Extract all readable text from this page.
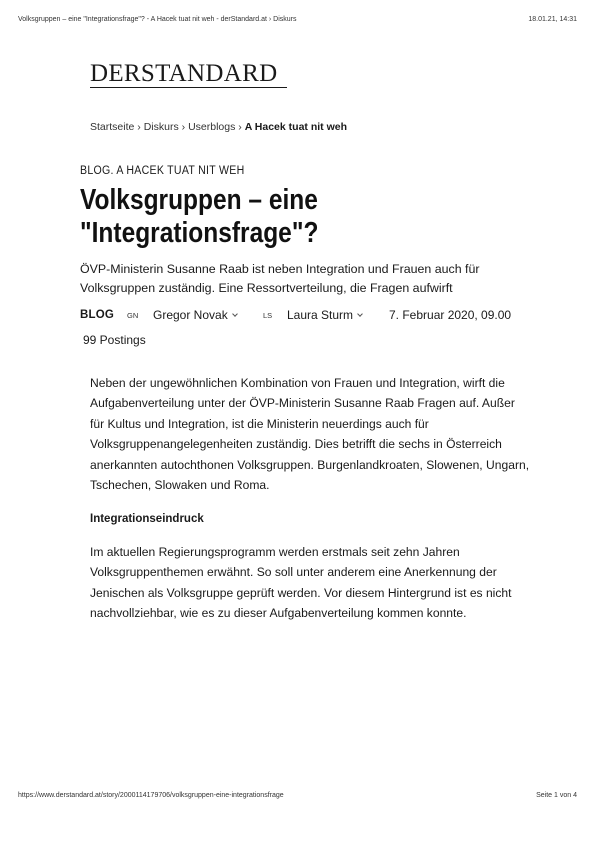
Volksgruppen – eine "Integrationsfrage"? - A Hacek tuat nit weh - derStandard.at › Diskurs	18.01.21, 14:31
DERSTANDARD
Startseite › Diskurs › Userblogs › A Hacek tuat nit weh
BLOG. A HACEK TUAT NIT WEH
Volksgruppen – eine "Integrationsfrage"?

ÖVP-Ministerin Susanne Raab ist neben Integration und Frauen auch für Volksgruppen zuständig. Eine Ressortverteilung, die Fragen aufwirft

BLOG GN Gregor Novak	LS Laura Sturm	7. Februar 2020, 09.00
99 Postings

Neben der ungewöhnlichen Kombination von Frauen und Integration, wirft die Aufgabenverteilung unter der ÖVP-Ministerin Susanne Raab Fragen auf. Außer für Kultus und Integration, ist die Ministerin neuerdings auch für Volksgruppenangelegenheiten zuständig. Dies betrifft die sechs in Österreich anerkannten autochthonen Volksgruppen. Burgenlandkroaten, Slowenen, Ungarn, Tschechen, Slowaken und Roma.

Integrationseindruck

Im aktuellen Regierungsprogramm werden erstmals seit zehn Jahren Volksgruppenthemen erwähnt. So soll unter anderem eine Anerkennung der Jenischen als Volksgruppe geprüft werden. Vor diesem Hintergrund ist es nicht nachvollziehbar, wie es zu dieser Aufgabenverteilung kommen konnte.

https://www.derstandard.at/story/2000114179706/volksgruppen-eine-integrationsfrage	Seite 1 von 4
